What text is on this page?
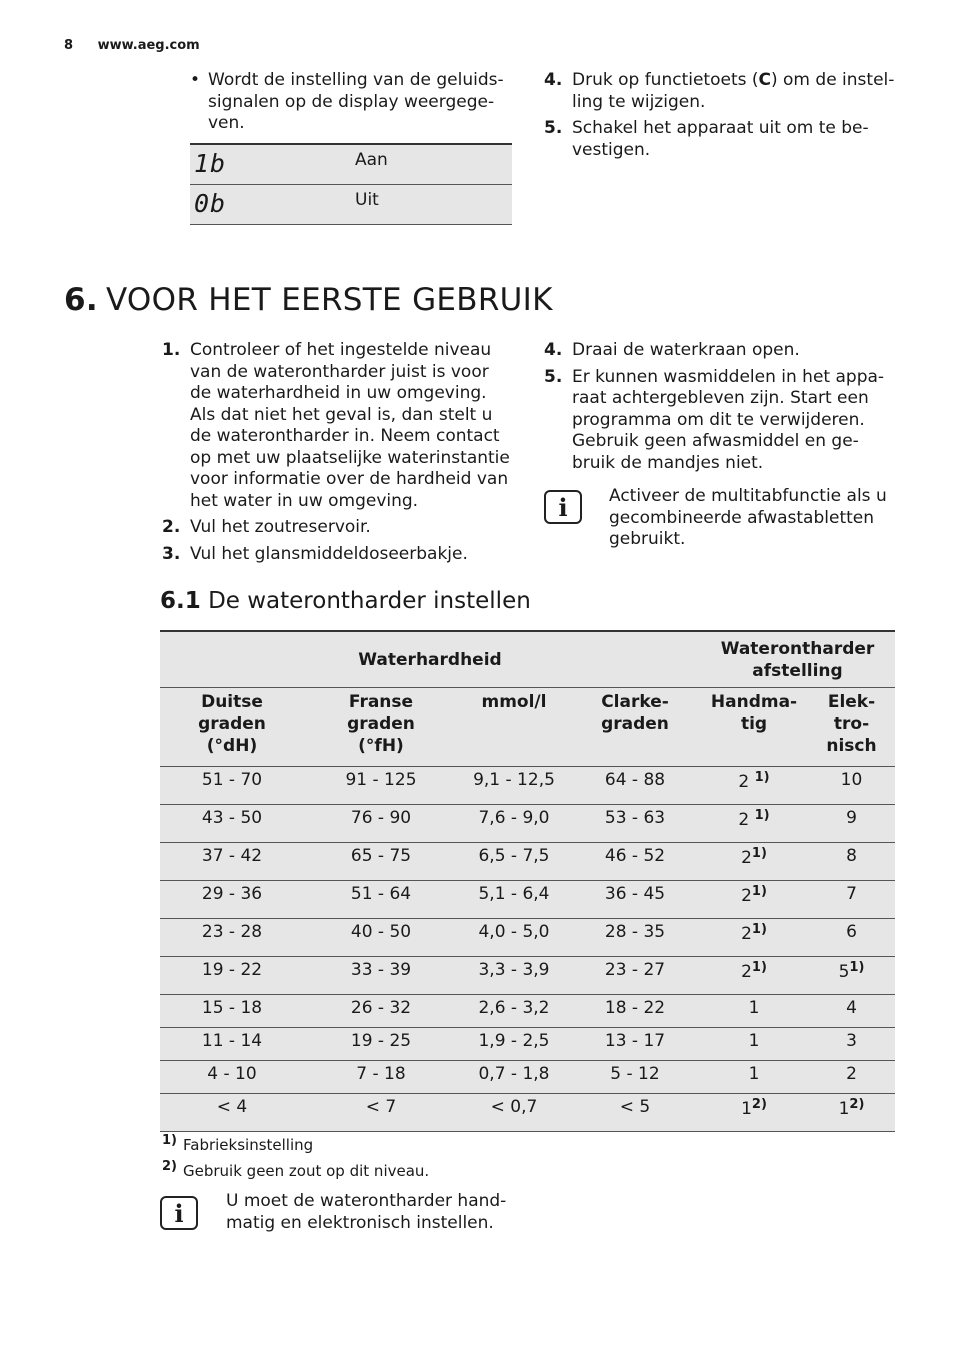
8 www.aeg.com
• Wordt de instelling van de geluids-
signalen op de display weergege-
ven.
1b	Aan
0b	Uit
4. Druk op functietoets (C) om de instel-
ling te wijzigen.
5. Schakel het apparaat uit om te be-
vestigen.
6. VOOR HET EERSTE GEBRUIK
1. Controleer of het ingestelde niveau
van de waterontharder juist is voor
de waterhardheid in uw omgeving.
Als dat niet het geval is, dan stelt u
de waterontharder in. Neem contact
op met uw plaatselijke waterinstantie
voor informatie over de hardheid van
het water in uw omgeving.
2. Vul het zoutreservoir.
3. Vul het glansmiddeldoseerbakje.
4. Draai de waterkraan open.
5. Er kunnen wasmiddelen in het appa-
raat achtergebleven zijn. Start een
programma om dit te verwijderen.
Gebruik geen afwasmiddel en ge-
bruik de mandjes niet.
i	Activeer de multitabfunctie als u
gecombineerde afwastabletten
gebruikt.
6.1 De waterontharder instellen
Waterhardheid				Waterontharder
afstelling	
Duitse
graden
(°dH)	Franse
graden
(°fH)	mmol/l	Clarke-
graden	Handma-
tig	Elek-
tro-
nisch
51 - 70	91 - 125	9,1 - 12,5	64 - 88	2 $^{1)}$	10
43 - 50	76 - 90	7,6 - 9,0	53 - 63	2 $^{1)}$	9
37 - 42	65 - 75	6,5 - 7,5	46 - 52	2$^{1)}$	8
29 - 36	51 - 64	5,1 - 6,4	36 - 45	2$^{1)}$	7
23 - 28	40 - 50	4,0 - 5,0	28 - 35	2$^{1)}$	6
19 - 22	33 - 39	3,3 - 3,9	23 - 27	2$^{1)}$	5$^{1)}$
15 - 18	26 - 32	2,6 - 3,2	18 - 22	1	4
11 - 14	19 - 25	1,9 - 2,5	13 - 17	1	3
4 - 10	7 - 18	0,7 - 1,8	5 - 12	1	2
< 4	< 7	< 0,7	< 5	1$^{2)}$	1$^{2)}$
$^{1)}$ Fabrieksinstelling
$^{2)}$ Gebruik geen zout op dit niveau.
i	U moet de waterontharder hand-
matig en elektronisch instellen.
